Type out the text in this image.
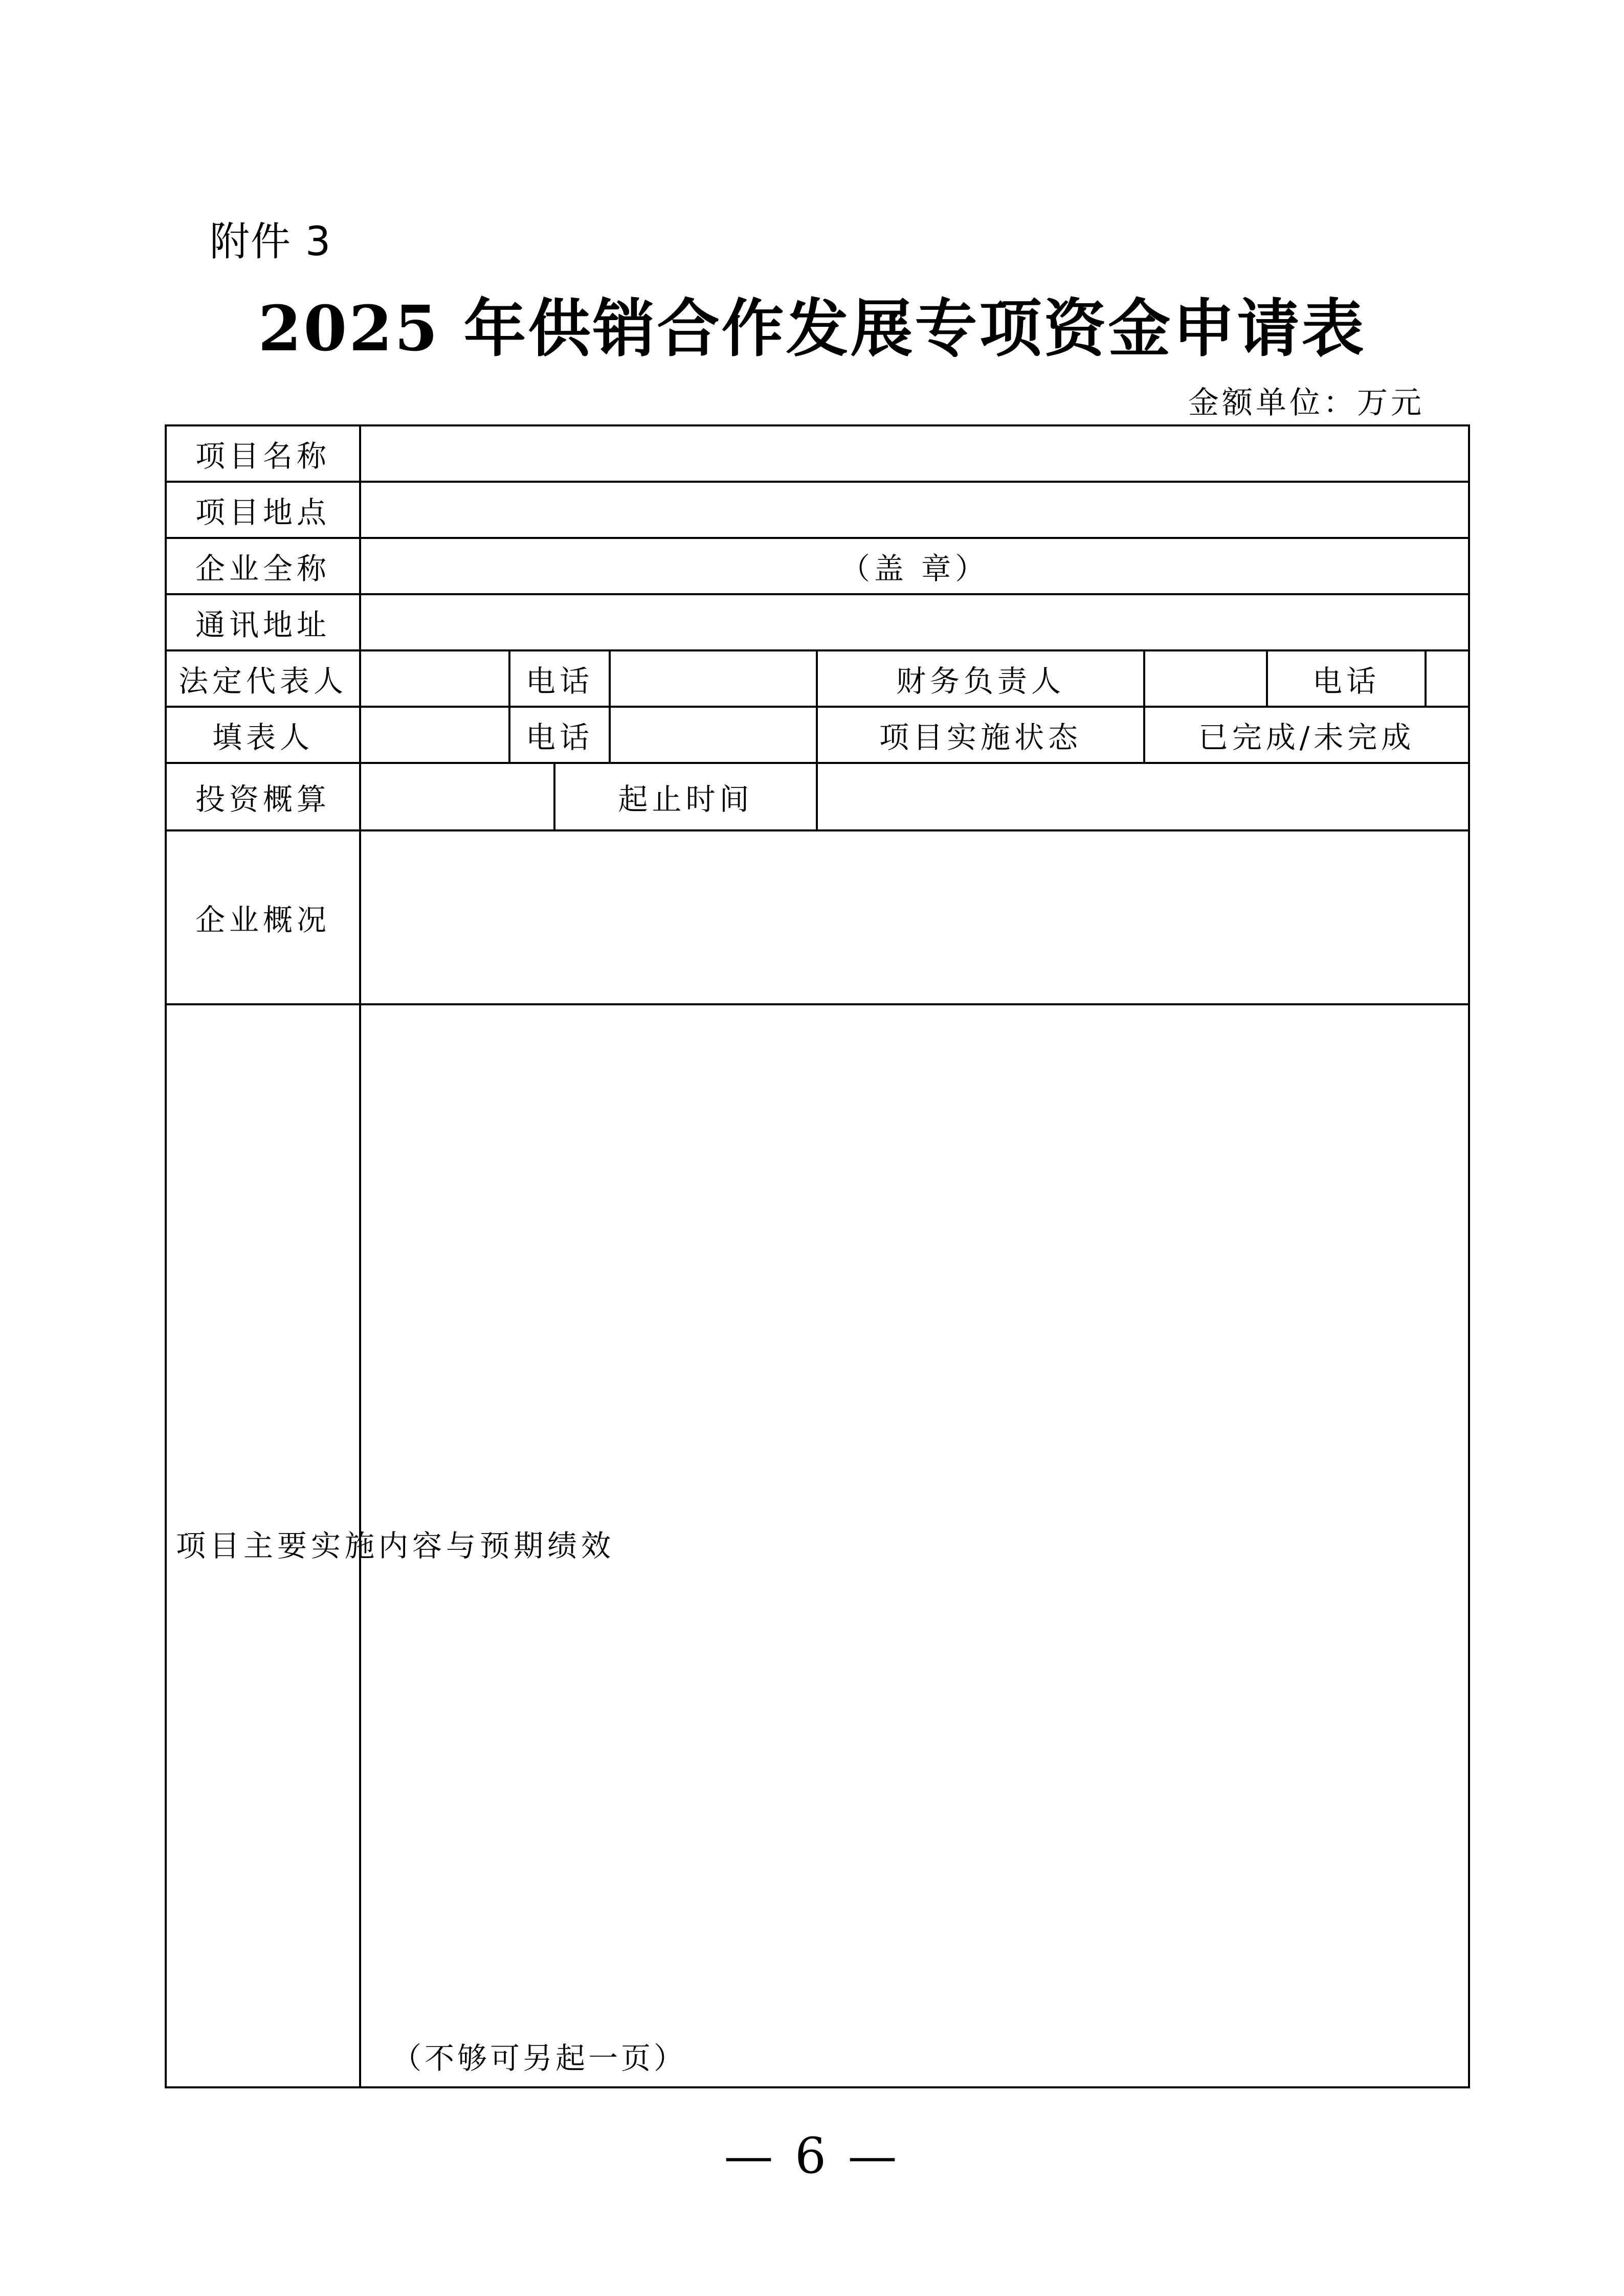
附件 3
2025 年供销合作发展专项资金申请表
金额单位：万元
项目名称								
项目地点								
企业全称	（盖 章）							
通讯地址								
法定代表人		电话			财务负责人		电话	
填表人		电话			项目实施状态	已完成/未完成		
投资概算			起止时间					
企业概况								
项目主要实施内容与预期绩效	（不够可另起一页）							
— 6 —
